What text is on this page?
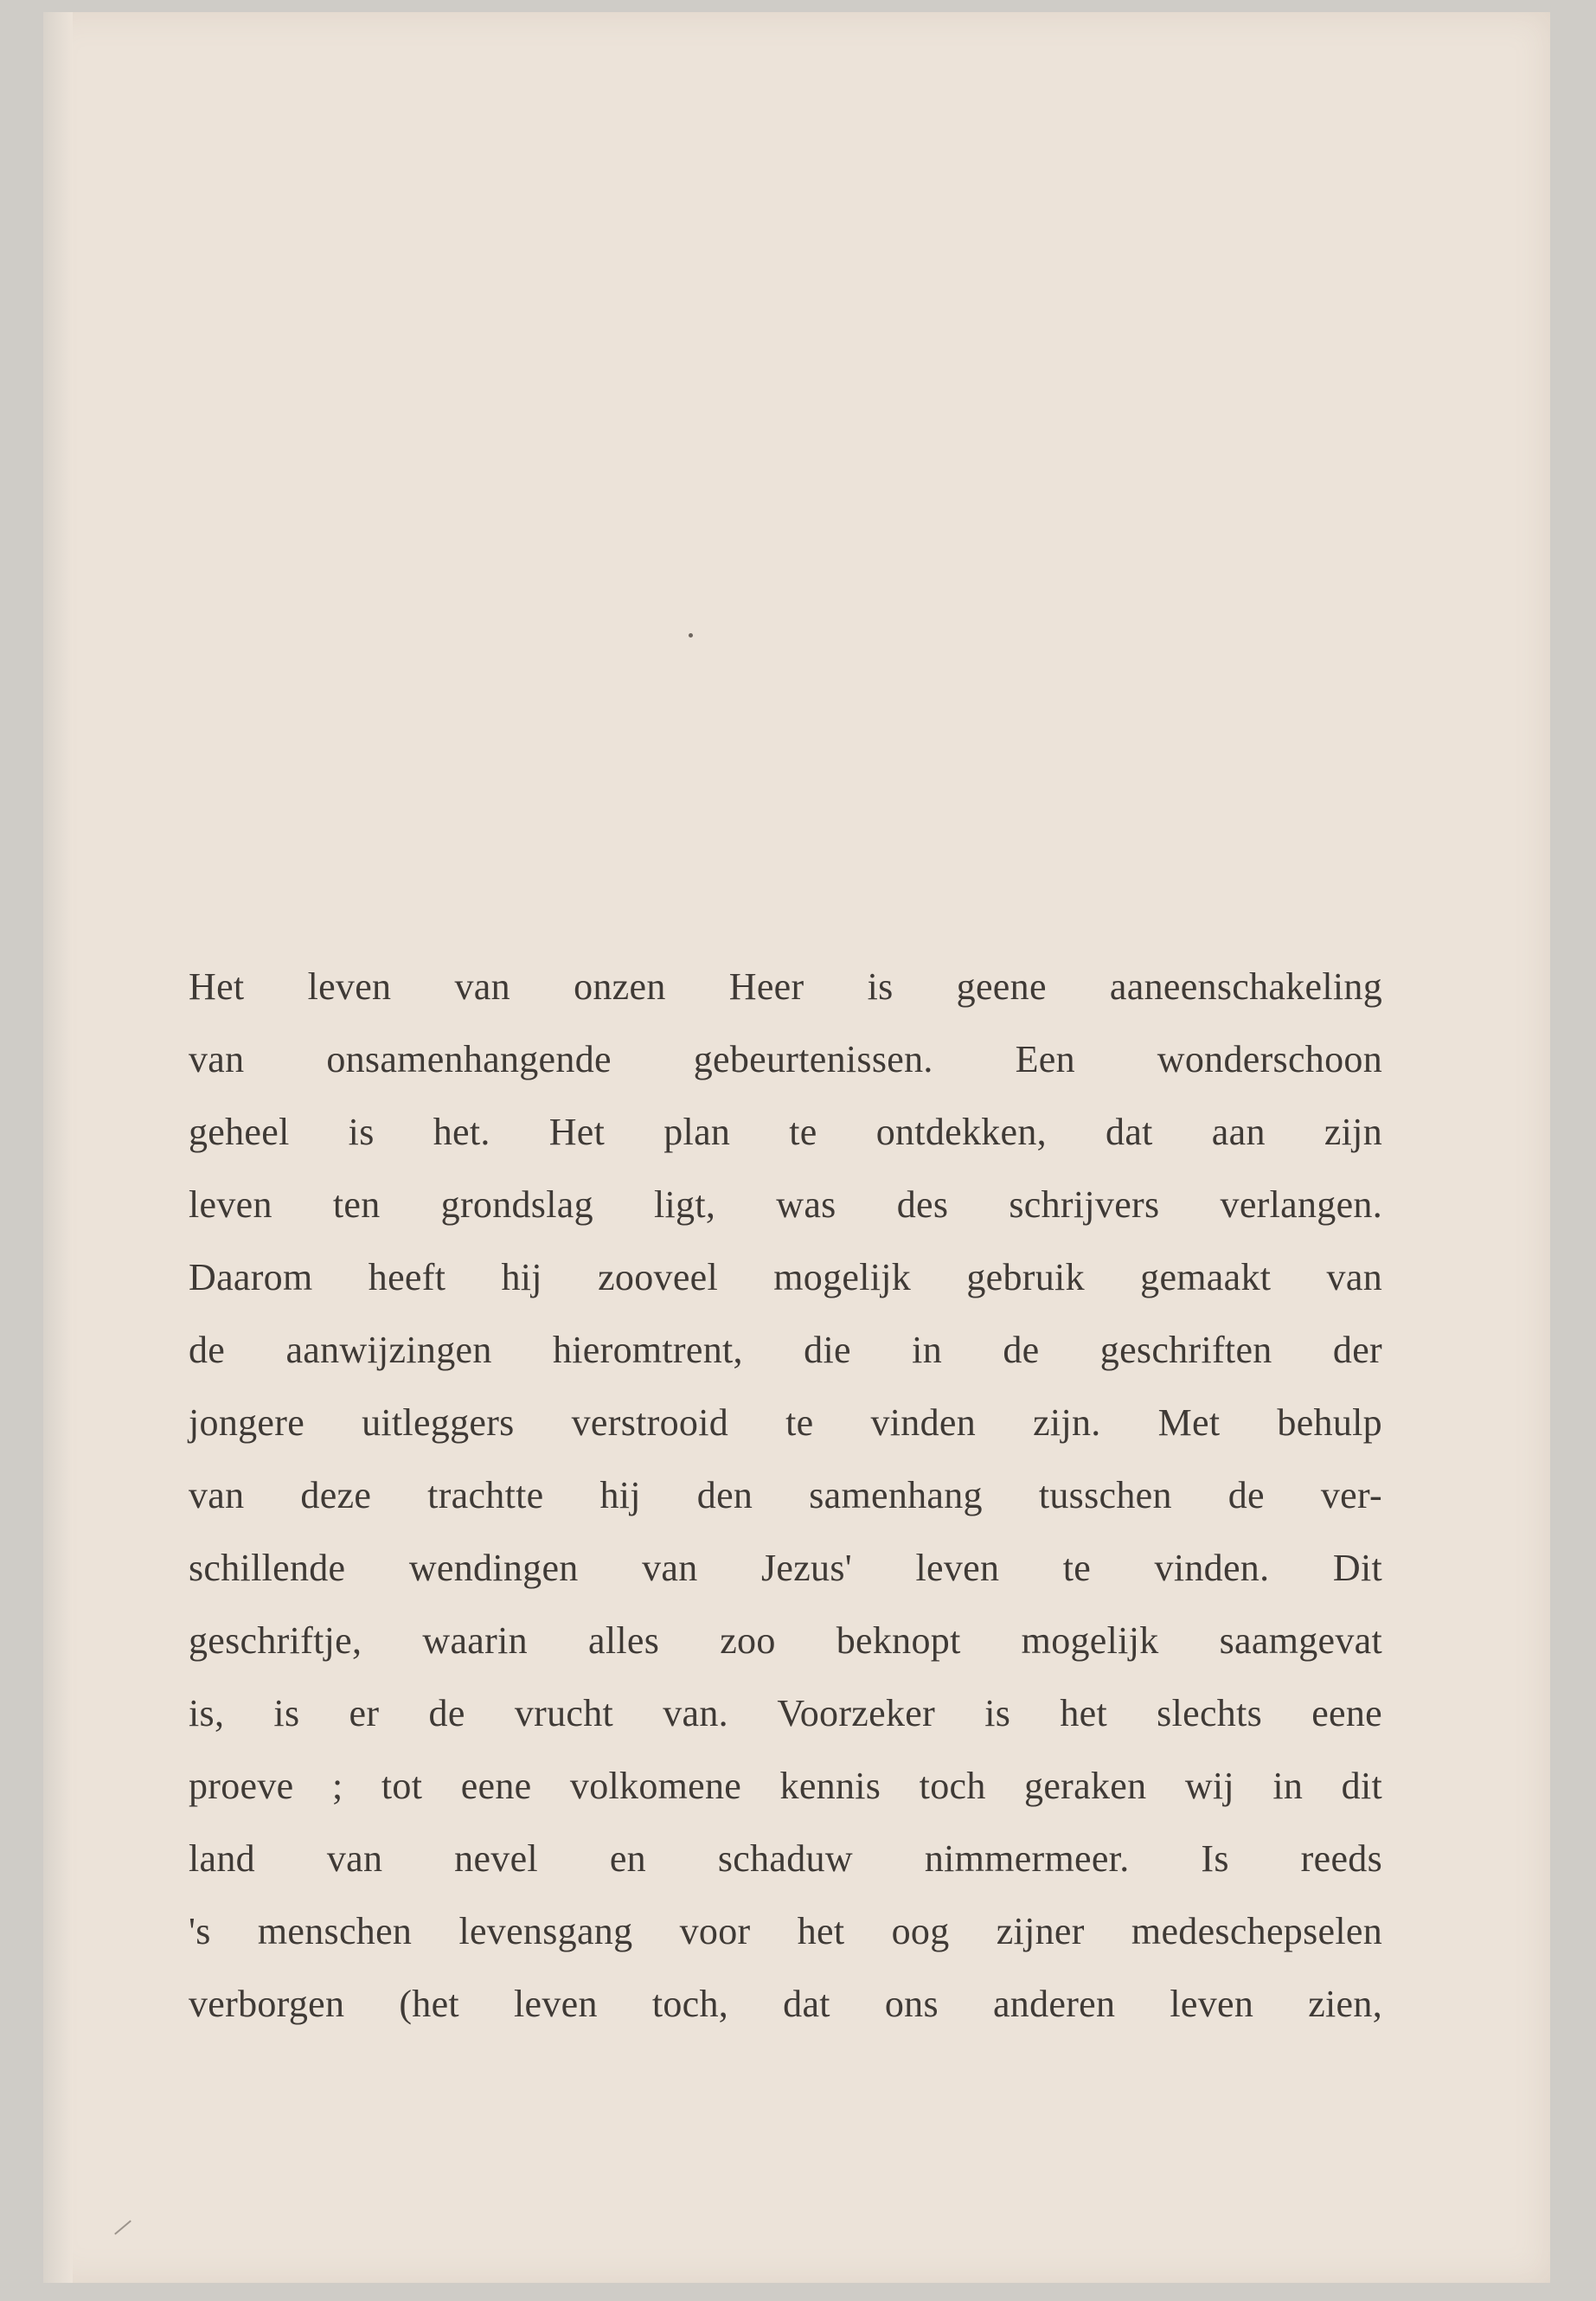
Het leven van onzen Heer is geene aaneenschakeling
van onsamenhangende gebeurtenissen. Een wonderschoon
geheel is het. Het plan te ontdekken, dat aan zijn
leven ten grondslag ligt, was des schrijvers verlangen.
Daarom heeft hij zooveel mogelijk gebruik gemaakt van
de aanwijzingen hieromtrent, die in de geschriften der
jongere uitleggers verstrooid te vinden zijn. Met behulp
van deze trachtte hij den samenhang tusschen de ver-
schillende wendingen van Jezus' leven te vinden. Dit
geschriftje, waarin alles zoo beknopt mogelijk saamgevat
is, is er de vrucht van. Voorzeker is het slechts eene
proeve ; tot eene volkomene kennis toch geraken wij in dit
land van nevel en schaduw nimmermeer. Is reeds
's menschen levensgang voor het oog zijner medeschepselen
verborgen (het leven toch, dat ons anderen leven zien,
